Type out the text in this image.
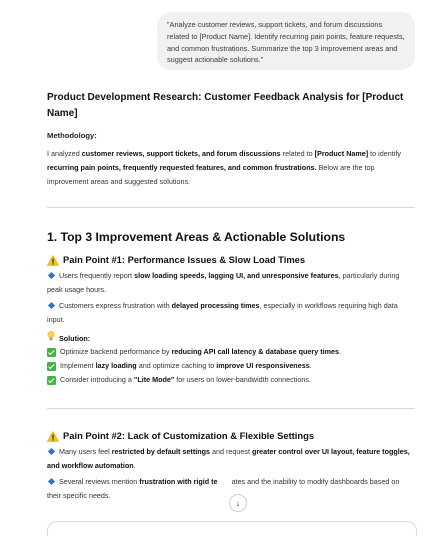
"Analyze customer reviews, support tickets, and forum discussions related to [Product Name]. Identify recurring pain points, feature requests, and common frustrations. Summarize the top 3 improvement areas and suggest actionable solutions."

Product Development Research: Customer Feedback Analysis for [Product Name]

Methodology:

I analyzed customer reviews, support tickets, and forum discussions related to [Product Name] to identify recurring pain points, frequently requested features, and common frustrations. Below are the top improvement areas and suggested solutions.

1. Top 3 Improvement Areas & Actionable Solutions

Pain Point #1: Performance Issues & Slow Load Times

Users frequently report slow loading speeds, lagging UI, and unresponsive features, particularly during peak usage hours.

Customers express frustration with delayed processing times, especially in workflows requiring high data input.

Solution:

Optimize backend performance by reducing API call latency & database query times.

Implement lazy loading and optimize caching to improve UI responsiveness.

Consider introducing a "Lite Mode" for users on lower-bandwidth connections.

Pain Point #2: Lack of Customization & Flexible Settings

Many users feel restricted by default settings and request greater control over UI layout, feature toggles, and workflow automation.

Several reviews mention frustration with rigid te ates and the inability to modify dashboards based on their specific needs.

↓
